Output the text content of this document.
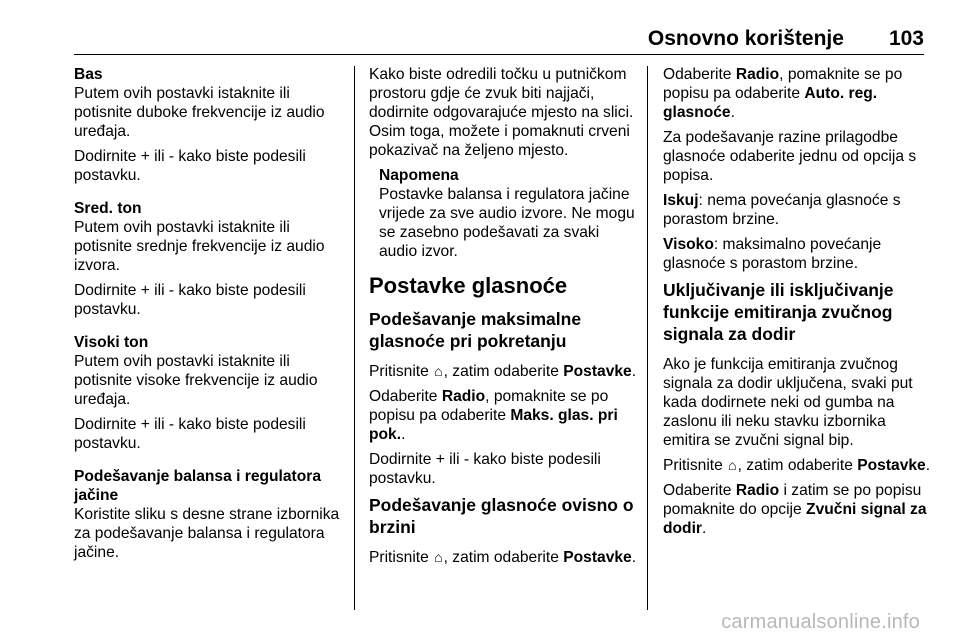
Osnovno korištenje 103
Bas

Putem ovih postavki istaknite ili potisnite duboke frekvencije iz audio uređaja.

Dodirnite + ili - kako biste podesili postavku.

Sred. ton

Putem ovih postavki istaknite ili potisnite srednje frekvencije iz audio izvora.

Dodirnite + ili - kako biste podesili postavku.

Visoki ton

Putem ovih postavki istaknite ili potisnite visoke frekvencije iz audio uređaja.

Dodirnite + ili - kako biste podesili postavku.

Podešavanje balansa i regulatora jačine

Koristite sliku s desne strane izbornika za podešavanje balansa i regulatora jačine.

Kako biste odredili točku u putničkom prostoru gdje će zvuk biti najjači, dodirnite odgovarajuće mjesto na slici. Osim toga, možete i pomaknuti crveni pokazivač na željeno mjesto.

Napomena
Postavke balansa i regulatora jačine vrijede za sve audio izvore. Ne mogu se zasebno podešavati za svaki audio izvor.
Postavke glasnoće
Podešavanje maksimalne glasnoće pri pokretanju

Pritisnite ⌂, zatim odaberite Postavke.

Odaberite Radio, pomaknite se po popisu pa odaberite Maks. glas. pri pok..

Dodirnite + ili - kako biste podesili postavku.

Podešavanje glasnoće ovisno o brzini

Pritisnite ⌂, zatim odaberite Postavke.

Odaberite Radio, pomaknite se po popisu pa odaberite Auto. reg. glasnoće.

Za podešavanje razine prilagodbe glasnoće odaberite jednu od opcija s popisa.

Iskuj: nema povećanja glasnoće s porastom brzine.

Visoko: maksimalno povećanje glasnoće s porastom brzine.

Uključivanje ili isključivanje funkcije emitiranja zvučnog signala za dodir

Ako je funkcija emitiranja zvučnog signala za dodir uključena, svaki put kada dodirnete neki od gumba na zaslonu ili neku stavku izbornika emitira se zvučni signal bip.

Pritisnite ⌂, zatim odaberite Postavke.

Odaberite Radio i zatim se po popisu pomaknite do opcije Zvučni signal za dodir.

carmanualsonline.info
